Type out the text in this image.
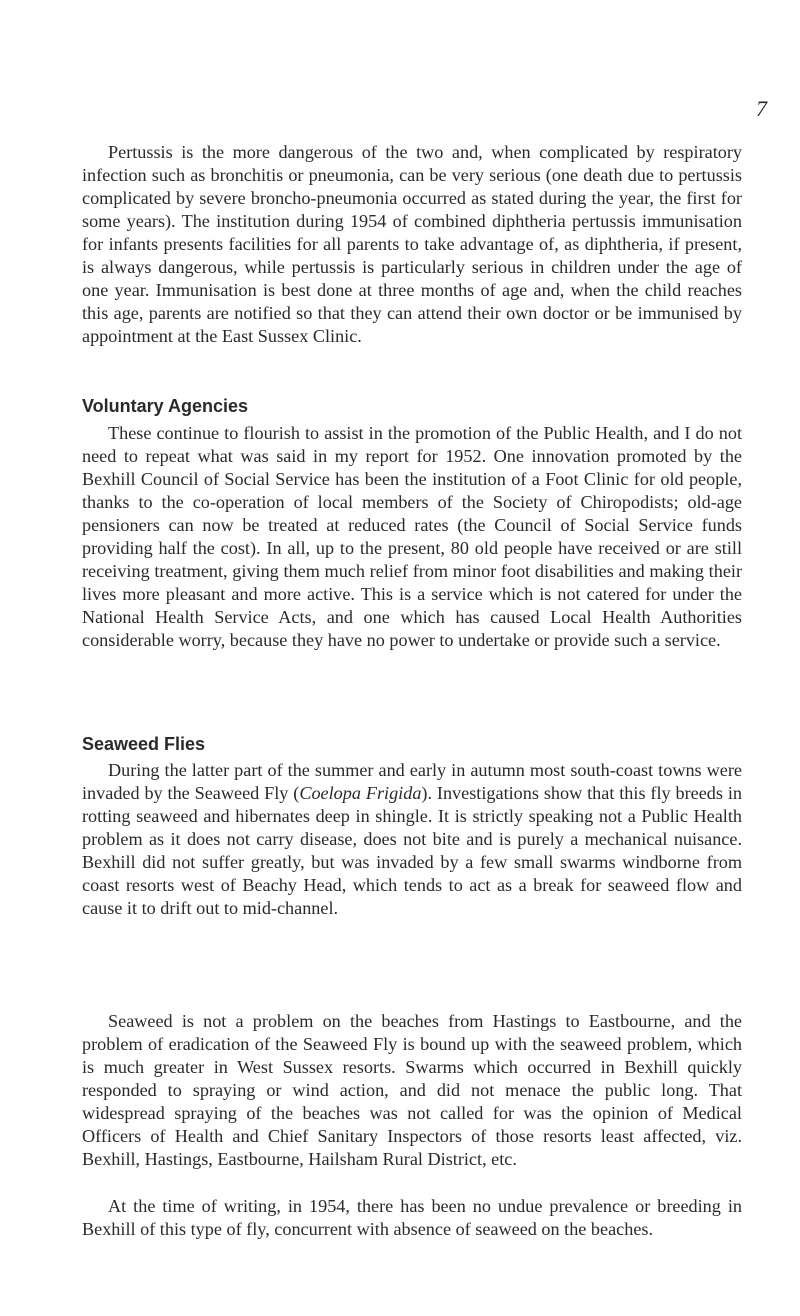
7

Pertussis is the more dangerous of the two and, when complicated by respiratory infection such as bronchitis or pneumonia, can be very serious (one death due to pertussis complicated by severe broncho-pneumonia occurred as stated during the year, the first for some years). The institution during 1954 of combined diphtheria pertussis immunisation for infants presents facilities for all parents to take advantage of, as diphtheria, if present, is always dangerous, while pertussis is particularly serious in children under the age of one year. Immunisation is best done at three months of age and, when the child reaches this age, parents are notified so that they can attend their own doctor or be immunised by appointment at the East Sussex Clinic.

Voluntary Agencies

These continue to flourish to assist in the promotion of the Public Health, and I do not need to repeat what was said in my report for 1952. One innovation promoted by the Bexhill Council of Social Service has been the institution of a Foot Clinic for old people, thanks to the co-operation of local members of the Society of Chiropodists; old-age pensioners can now be treated at reduced rates (the Council of Social Service funds providing half the cost). In all, up to the present, 80 old people have received or are still receiving treatment, giving them much relief from minor foot disabilities and making their lives more pleasant and more active. This is a service which is not catered for under the National Health Service Acts, and one which has caused Local Health Authorities considerable worry, because they have no power to undertake or provide such a service.

Seaweed Flies

During the latter part of the summer and early in autumn most south-coast towns were invaded by the Seaweed Fly (Coelopa Frigida). Investigations show that this fly breeds in rotting seaweed and hibernates deep in shingle. It is strictly speaking not a Public Health problem as it does not carry disease, does not bite and is purely a mechanical nuisance. Bexhill did not suffer greatly, but was invaded by a few small swarms windborne from coast resorts west of Beachy Head, which tends to act as a break for seaweed flow and cause it to drift out to mid-channel.

Seaweed is not a problem on the beaches from Hastings to Eastbourne, and the problem of eradication of the Seaweed Fly is bound up with the seaweed problem, which is much greater in West Sussex resorts. Swarms which occurred in Bexhill quickly responded to spraying or wind action, and did not menace the public long. That widespread spraying of the beaches was not called for was the opinion of Medical Officers of Health and Chief Sanitary Inspectors of those resorts least affected, viz. Bexhill, Hastings, Eastbourne, Hailsham Rural District, etc.

At the time of writing, in 1954, there has been no undue prevalence or breeding in Bexhill of this type of fly, concurrent with absence of seaweed on the beaches.
